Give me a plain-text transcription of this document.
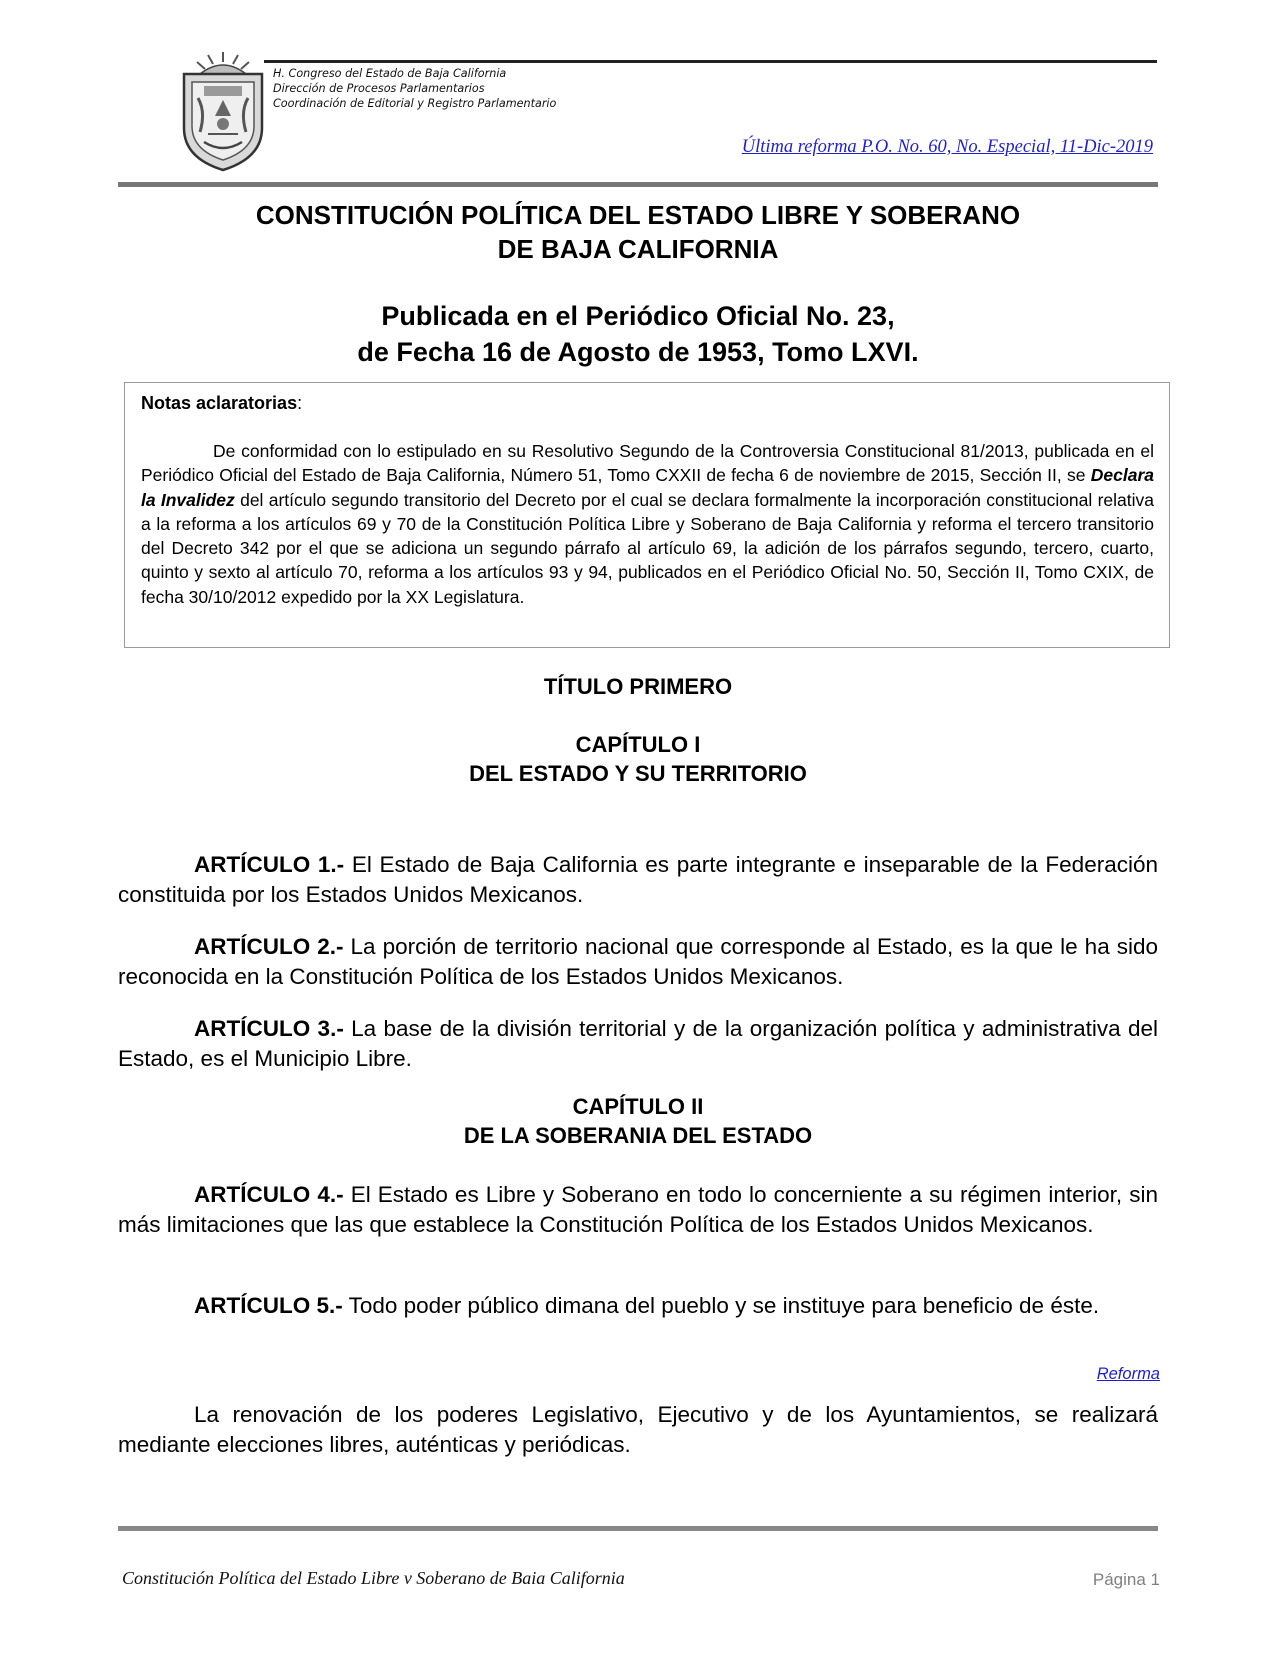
H. Congreso del Estado de Baja California
Dirección de Procesos Parlamentarios
Coordinación de Editorial y Registro Parlamentario
Última reforma P.O. No. 60, No. Especial, 11-Dic-2019
CONSTITUCIÓN POLÍTICA DEL ESTADO LIBRE Y SOBERANO
DE BAJA CALIFORNIA
Publicada en el Periódico Oficial No. 23,
de Fecha 16 de Agosto de 1953, Tomo LXVI.
Notas aclaratorias:
De conformidad con lo estipulado en su Resolutivo Segundo de la Controversia Constitucional 81/2013, publicada en el Periódico Oficial del Estado de Baja California, Número 51, Tomo CXXII de fecha 6 de noviembre de 2015, Sección II, se Declara la Invalidez del artículo segundo transitorio del Decreto por el cual se declara formalmente la incorporación constitucional relativa a la reforma a los artículos 69 y 70 de la Constitución Política Libre y Soberano de Baja California y reforma el tercero transitorio del Decreto 342 por el que se adiciona un segundo párrafo al artículo 69, la adición de los párrafos segundo, tercero, cuarto, quinto y sexto al artículo 70, reforma a los artículos 93 y 94, publicados en el Periódico Oficial No. 50, Sección II, Tomo CXIX, de fecha 30/10/2012 expedido por la XX Legislatura.
TÍTULO PRIMERO
CAPÍTULO I
DEL ESTADO Y SU TERRITORIO
ARTÍCULO 1.- El Estado de Baja California es parte integrante e inseparable de la Federación constituida por los Estados Unidos Mexicanos.
ARTÍCULO 2.- La porción de territorio nacional que corresponde al Estado, es la que le ha sido reconocida en la Constitución Política de los Estados Unidos Mexicanos.
ARTÍCULO 3.- La base de la división territorial y de la organización política y administrativa del Estado, es el Municipio Libre.
CAPÍTULO II
DE LA SOBERANIA DEL ESTADO
ARTÍCULO 4.- El Estado es Libre y Soberano en todo lo concerniente a su régimen interior, sin más limitaciones que las que establece la Constitución Política de los Estados Unidos Mexicanos.
ARTÍCULO 5.- Todo poder público dimana del pueblo y se instituye para beneficio de éste.
Reforma
La renovación de los poderes Legislativo, Ejecutivo y de los Ayuntamientos, se realizará mediante elecciones libres, auténticas y periódicas.
Constitución Política del Estado Libre v Soberano de Baia California	Página 1
